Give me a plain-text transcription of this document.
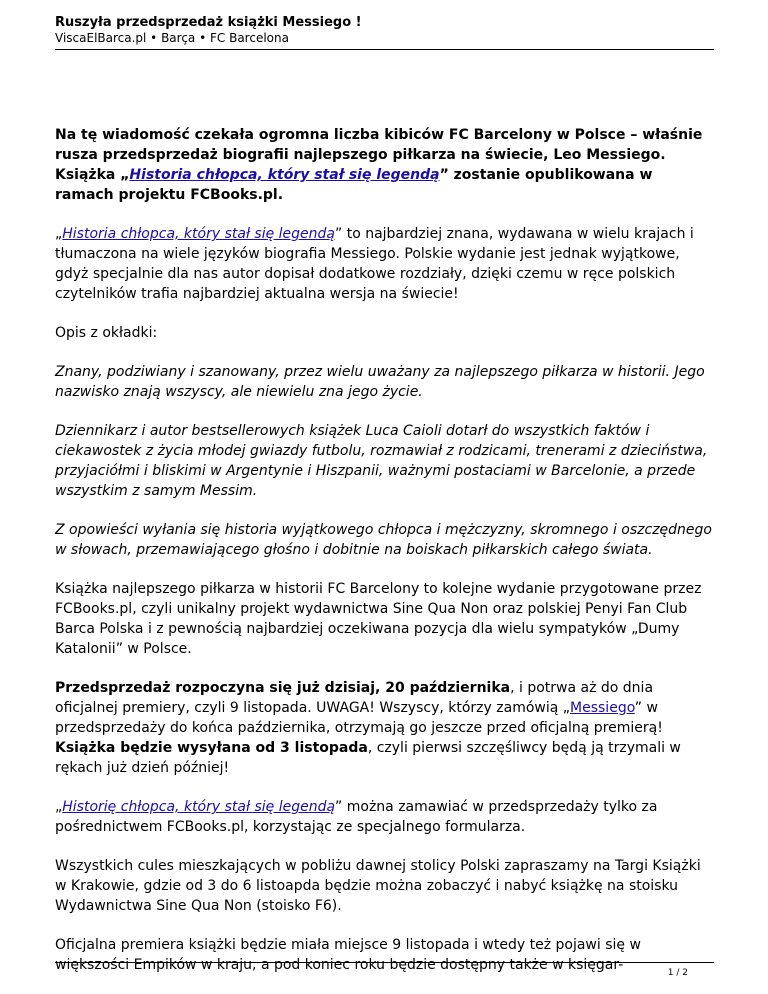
Ruszyła przedsprzedaż książki Messiego !
ViscaElBarca.pl • Barça • FC Barcelona

Na tę wiadomość czekała ogromna liczba kibiców FC Barcelony w Polsce – właśnie rusza przedsprzedaż biografii najlepszego piłkarza na świecie, Leo Messiego. Książka „Historia chłopca, który stał się legendą” zostanie opublikowana w ramach projektu FCBooks.pl.

„Historia chłopca, który stał się legendą” to najbardziej znana, wydawana w wielu krajach i tłumaczona na wiele języków biografia Messiego. Polskie wydanie jest jednak wyjątkowe, gdyż specjalnie dla nas autor dopisał dodatkowe rozdziały, dzięki czemu w ręce polskich czytelników trafia najbardziej aktualna wersja na świecie!

Opis z okładki:

Znany, podziwiany i szanowany, przez wielu uważany za najlepszego piłkarza w historii. Jego nazwisko znają wszyscy, ale niewielu zna jego życie.

Dziennikarz i autor bestsellerowych książek Luca Caioli dotarł do wszystkich faktów i ciekawostek z życia młodej gwiazdy futbolu, rozmawiał z rodzicami, trenerami z dzieciństwa, przyjaciółmi i bliskimi w Argentynie i Hiszpanii, ważnymi postaciami w Barcelonie, a przede wszystkim z samym Messim.

Z opowieści wyłania się historia wyjątkowego chłopca i mężczyzny, skromnego i oszczędnego w słowach, przemawiającego głośno i dobitnie na boiskach piłkarskich całego świata.

Książka najlepszego piłkarza w historii FC Barcelony to kolejne wydanie przygotowane przez FCBooks.pl, czyli unikalny projekt wydawnictwa Sine Qua Non oraz polskiej Penyi Fan Club Barca Polska i z pewnością najbardziej oczekiwana pozycja dla wielu sympatyków „Dumy Katalonii” w Polsce.

Przedsprzedaż rozpoczyna się już dzisiaj, 20 października, i potrwa aż do dnia oficjalnej premiery, czyli 9 listopada. UWAGA! Wszyscy, którzy zamówią „Messiego” w przedsprzedaży do końca października, otrzymają go jeszcze przed oficjalną premierą! Książka będzie wysyłana od 3 listopada, czyli pierwsi szczęśliwcy będą ją trzymali w rękach już dzień później!

„Historię chłopca, który stał się legendą” można zamawiać w przedsprzedaży tylko za pośrednictwem FCBooks.pl, korzystając ze specjalnego formularza.

Wszystkich cules mieszkających w pobliżu dawnej stolicy Polski zapraszamy na Targi Książki w Krakowie, gdzie od 3 do 6 listoapda będzie można zobaczyć i nabyć książkę na stoisku Wydawnictwa Sine Qua Non (stoisko F6).

Oficjalna premiera książki będzie miała miejsce 9 listopada i wtedy też pojawi się w większości Empików w kraju, a pod koniec roku będzie dostępny także w księgar-	1 / 2
